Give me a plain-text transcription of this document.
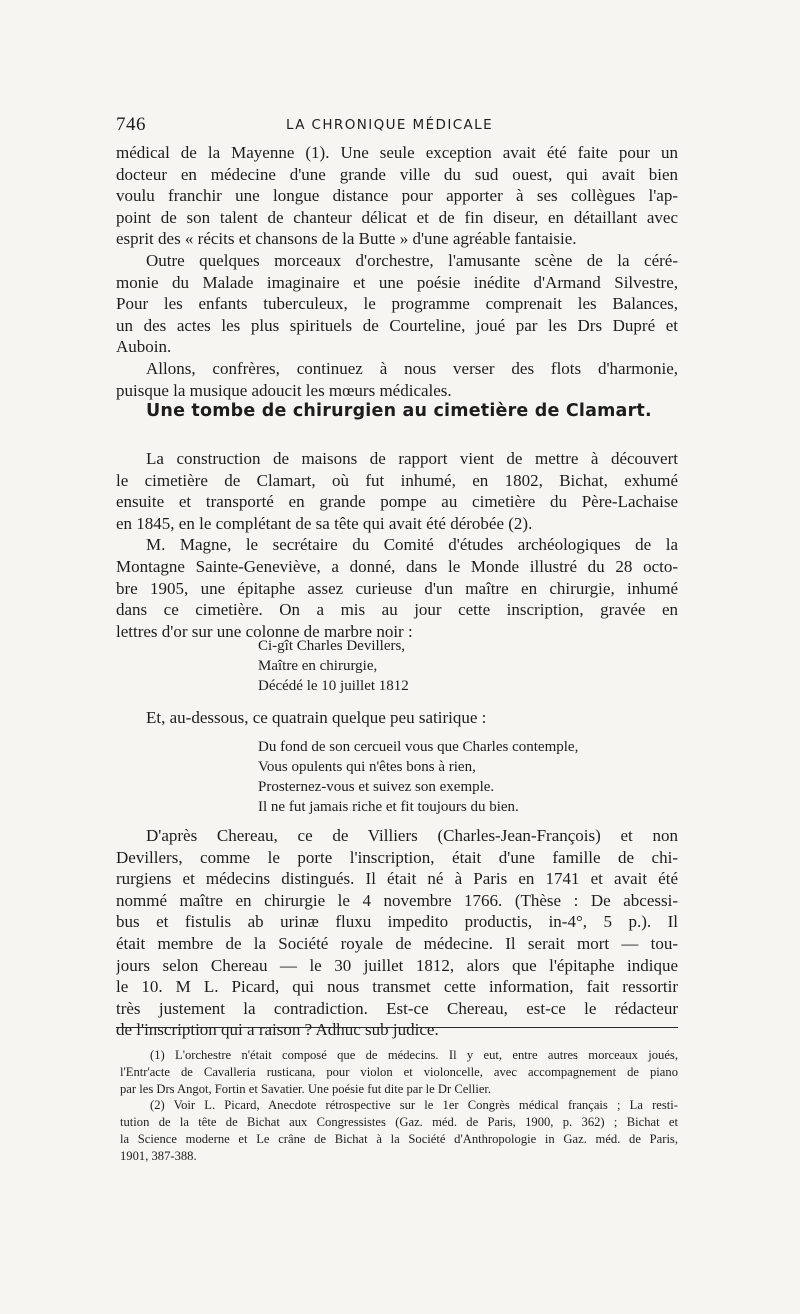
746	LA CHRONIQUE MÉDICALE
médical de la Mayenne (1). Une seule exception avait été faite pour un
docteur en médecine d'une grande ville du sud ouest, qui avait bien
voulu franchir une longue distance pour apporter à ses collègues l'ap-
point de son talent de chanteur délicat et de fin diseur, en détaillant avec
esprit des « récits et chansons de la Butte » d'une agréable fantaisie.
Outre quelques morceaux d'orchestre, l'amusante scène de la céré-
monie du Malade imaginaire et une poésie inédite d'Armand Silvestre,
Pour les enfants tuberculeux, le programme comprenait les Balances,
un des actes les plus spirituels de Courteline, joué par les Drs Dupré et
Auboin.
Allons, confrères, continuez à nous verser des flots d'harmonie,
puisque la musique adoucit les mœurs médicales.
Une tombe de chirurgien au cimetière de Clamart.
La construction de maisons de rapport vient de mettre à découvert
le cimetière de Clamart, où fut inhumé, en 1802, Bichat, exhumé
ensuite et transporté en grande pompe au cimetière du Père-Lachaise
en 1845, en le complétant de sa tête qui avait été dérobée (2).
M. Magne, le secrétaire du Comité d'études archéologiques de la
Montagne Sainte-Geneviève, a donné, dans le Monde illustré du 28 octo-
bre 1905, une épitaphe assez curieuse d'un maître en chirurgie, inhumé
dans ce cimetière. On a mis au jour cette inscription, gravée en
lettres d'or sur une colonne de marbre noir :
Ci-gît Charles Devillers,
Maître en chirurgie,
Décédé le 10 juillet 1812
Et, au-dessous, ce quatrain quelque peu satirique :
Du fond de son cercueil vous que Charles contemple,
Vous opulents qui n'êtes bons à rien,
Prosternez-vous et suivez son exemple.
Il ne fut jamais riche et fit toujours du bien.
D'après Chereau, ce de Villiers (Charles-Jean-François) et non
Devillers, comme le porte l'inscription, était d'une famille de chi-
rurgiens et médecins distingués. Il était né à Paris en 1741 et avait été
nommé maître en chirurgie le 4 novembre 1766. (Thèse : De abcessi-
bus et fistulis ab urinæ fluxu impedito productis, in-4°, 5 p.). Il
était membre de la Société royale de médecine. Il serait mort — tou-
jours selon Chereau — le 30 juillet 1812, alors que l'épitaphe indique
le 10. M L. Picard, qui nous transmet cette information, fait ressortir
très justement la contradiction. Est-ce Chereau, est-ce le rédacteur
de l'inscription qui a raison ? Adhuc sub judice.
(1) L'orchestre n'était composé que de médecins. Il y eut, entre autres morceaux joués,
l'Entr'acte de Cavalleria rusticana, pour violon et violoncelle, avec accompagnement de piano
par les Drs Angot, Fortin et Savatier. Une poésie fut dite par le Dr Cellier.
(2) Voir L. Picard, Anecdote rétrospective sur le 1er Congrès médical français ; La resti-
tution de la tête de Bichat aux Congressistes (Gaz. méd. de Paris, 1900, p. 362) ; Bichat et
la Science moderne et Le crâne de Bichat à la Société d'Anthropologie in Gaz. méd. de Paris,
1901, 387-388.
